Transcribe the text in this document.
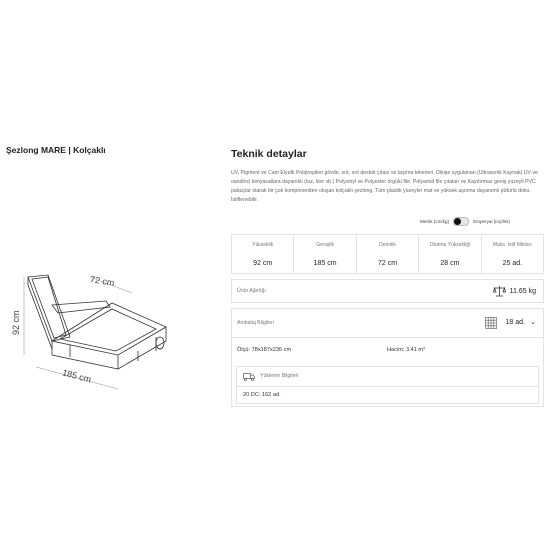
Şezlong MARE | Kolçaklı
92 cm
72 cm
185 cm
Teknik detaylar
UV, Pigment ve Cam Elyaflı Polipropilen gövde, sırt, sırt destek çıtası ve taşıma tekerleri. Dikişe uygulanan (Ultrasonik Kaynak) UV ve oandinci kimyasallara dayanıklı (tuz, klor vb.) Polyvinyl ve Polyester örgülü file. Polyamid file çıtaları ve Kaydırmaz geniş yüzeyli PVC pabuçlar olarak bir çok komponentten oluşan kolçaklı şezlong. Tüm plastik yüzeyler mat ve yüksek aşınma dayanımlı pütürlü doku. İstiflenebilir.
Metrik (cm/kg)	Emperyal (inç/lbs)
Yükseklik
92 cm
Genişlik
185 cm
Derinlik
72 cm
Oturma Yüksekliği
28 cm
Maks. İstif Miktarı
25 ad.
Ürün Ağırlığı	11.65 kg
Ambalaj Bilgileri	18 ad. ⌄
Ölçü: 78x187x236 cm	Hacim: 3.41 m³
Yükleme Bilgileri
20 DC: 162 ad.
